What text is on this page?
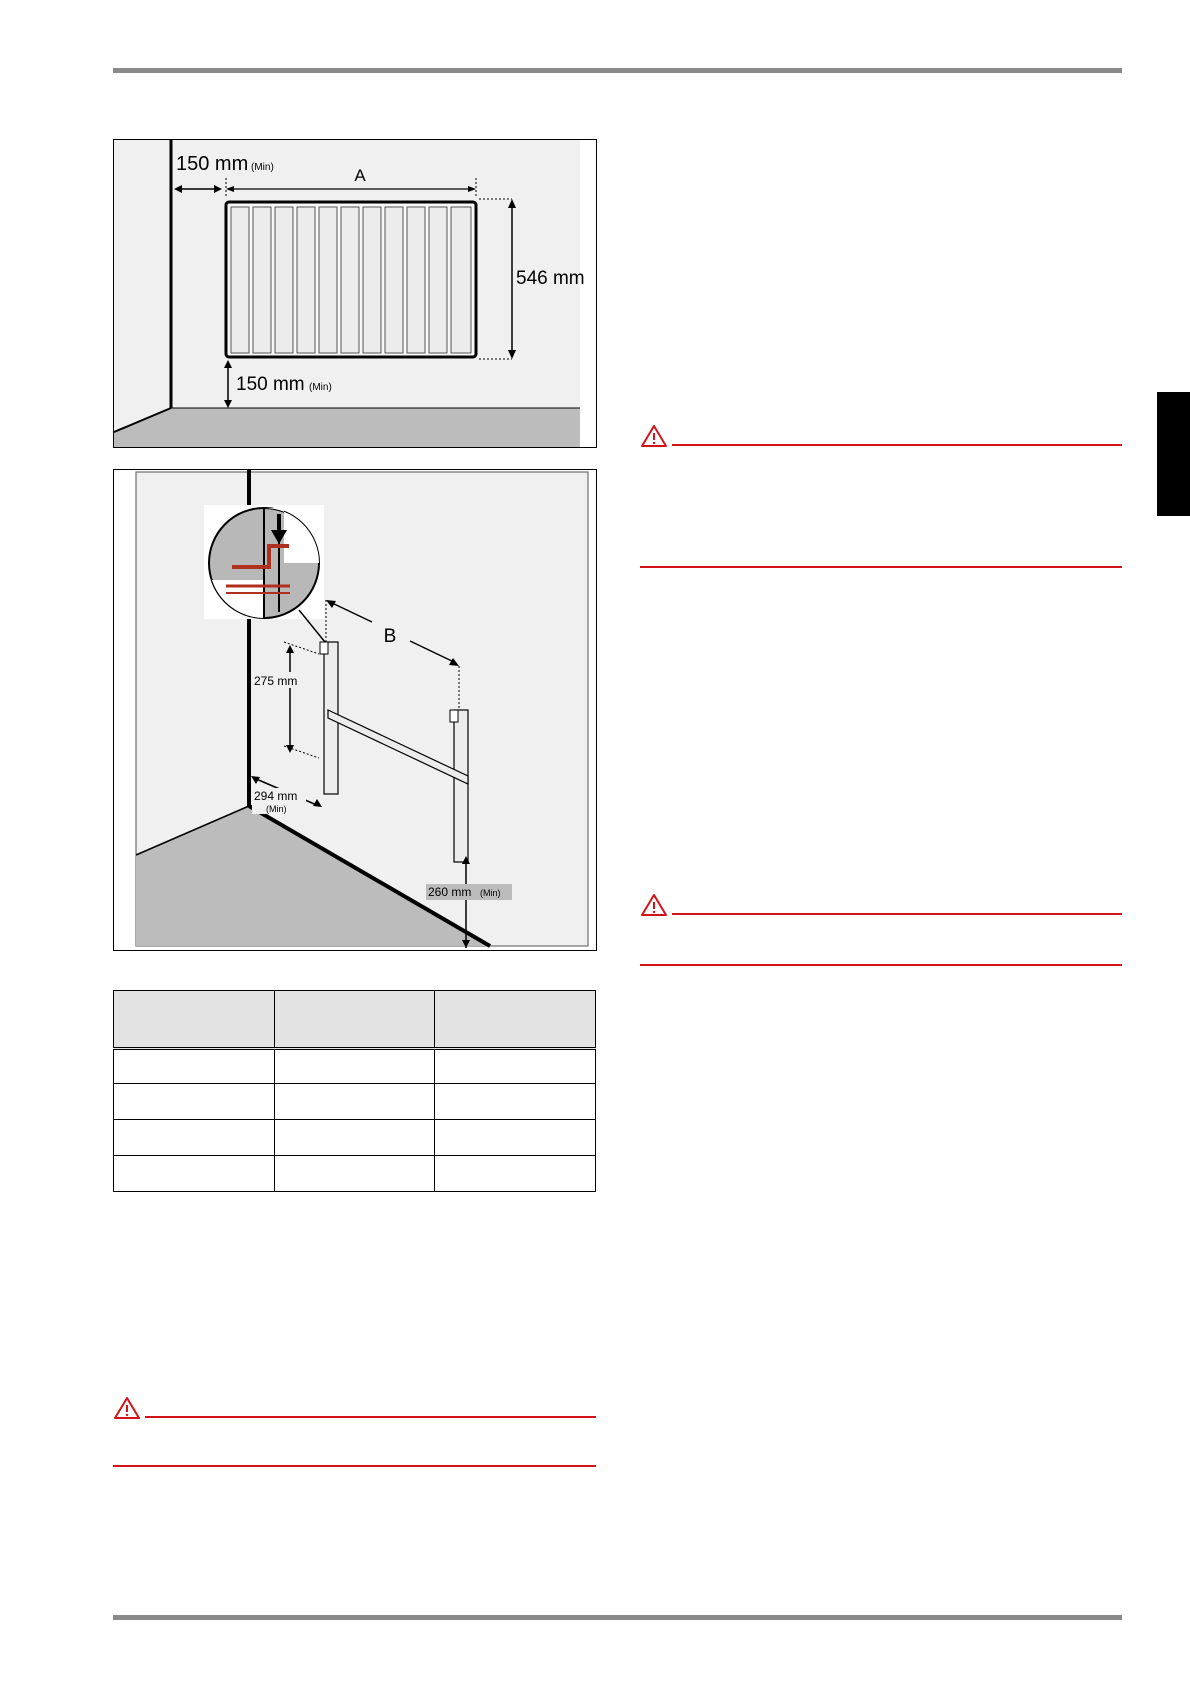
150 mm (Min)	A
546 mm
150 mm (Min)
B
275 mm
294 mm
(Min)
260 mm (Min)
